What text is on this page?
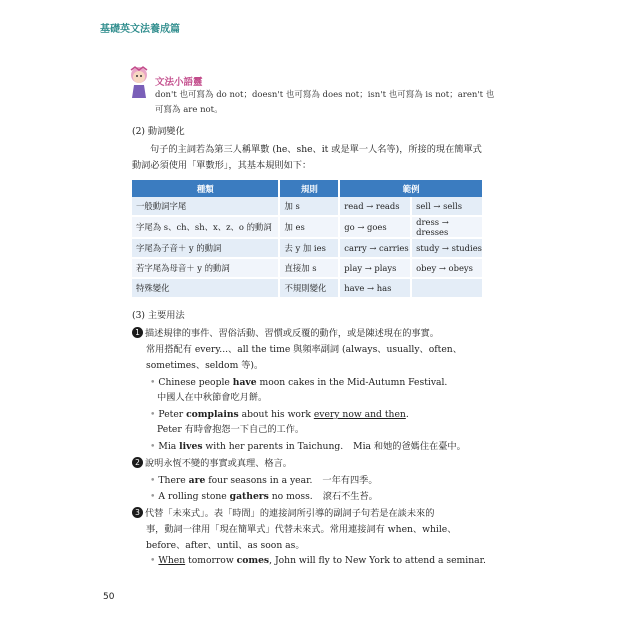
基礎英文法養成篇
文法小語靈
don't 也可寫為 do not；doesn't 也可寫為 does not；isn't 也可寫為 is not；aren't 也可寫為 are not。
(2) 動詞變化
句子的主詞若為第三人稱單數 (he、she、it 或是單一人名等)，所接的現在簡單式動詞必須使用「單數形」，其基本規則如下：
種類	規則	範例	
一般動詞字尾	加 s	read → reads	sell → sells
字尾為 s、ch、sh、x、z、o 的動詞	加 es	go → goes	dress → dresses
字尾為子音＋ y 的動詞	去 y 加 ies	carry → carries	study → studies
若字尾為母音＋ y 的動詞	直接加 s	play → plays	obey → obeys
特殊變化	不規則變化	have → has	
(3) 主要用法
1 描述規律的事件、習俗活動、習慣或反覆的動作，或是陳述現在的事實。
常用搭配有 every...、all the time 與頻率副詞 (always、usually、often、
sometimes、seldom 等)。
• Chinese people have moon cakes in the Mid-Autumn Festival.
中國人在中秋節會吃月餅。
• Peter complains about his work every now and then.
Peter 有時會抱怨一下自己的工作。
• Mia lives with her parents in Taichung. Mia 和她的爸媽住在臺中。
2 說明永恆不變的事實或真理、格言。
• There are four seasons in a year. 一年有四季。
• A rolling stone gathers no moss. 滾石不生苔。
3 代替「未來式」。表「時間」的連接詞所引導的副詞子句若是在談未來的
事，動詞一律用「現在簡單式」代替未來式。常用連接詞有 when、while、
before、after、until、as soon as。
• When tomorrow comes, John will fly to New York to attend a seminar.
50
